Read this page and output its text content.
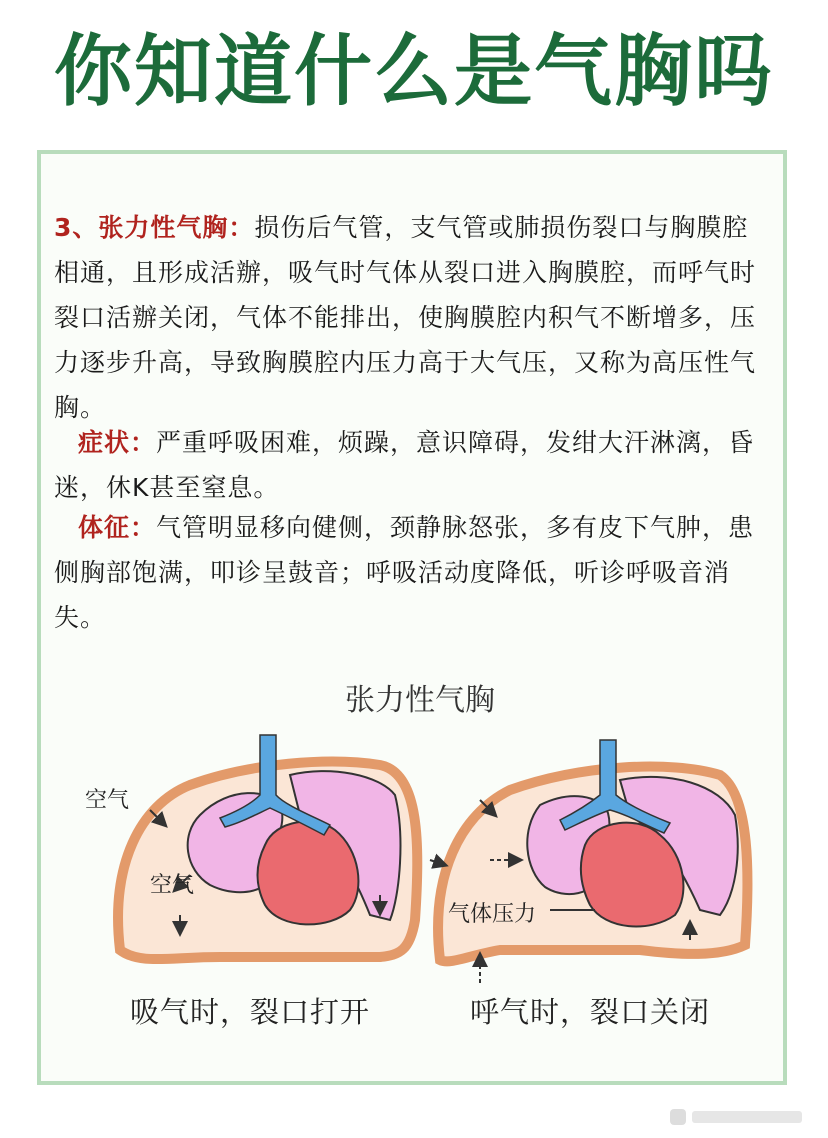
你知道什么是气胸吗
3、张力性气胸：损伤后气管，支气管或肺损伤裂口与胸膜腔相通，且形成活辦，吸气时气体从裂口进入胸膜腔，而呼气时裂口活辦关闭，气体不能排出，使胸膜腔内积气不断增多，压力逐步升高，导致胸膜腔内压力高于大气压，又称为高压性气胸。
症状：严重呼吸困难，烦躁，意识障碍，发绀大汗淋漓，昏迷，休K甚至窒息。
体征：气管明显移向健侧，颈静脉怒张，多有皮下气肿，患侧胸部饱满，叩诊呈鼓音；呼吸活动度降低，听诊呼吸音消失。
张力性气胸
空气
空气
气体压力
吸气时，裂口打开	呼气时，裂口关闭
